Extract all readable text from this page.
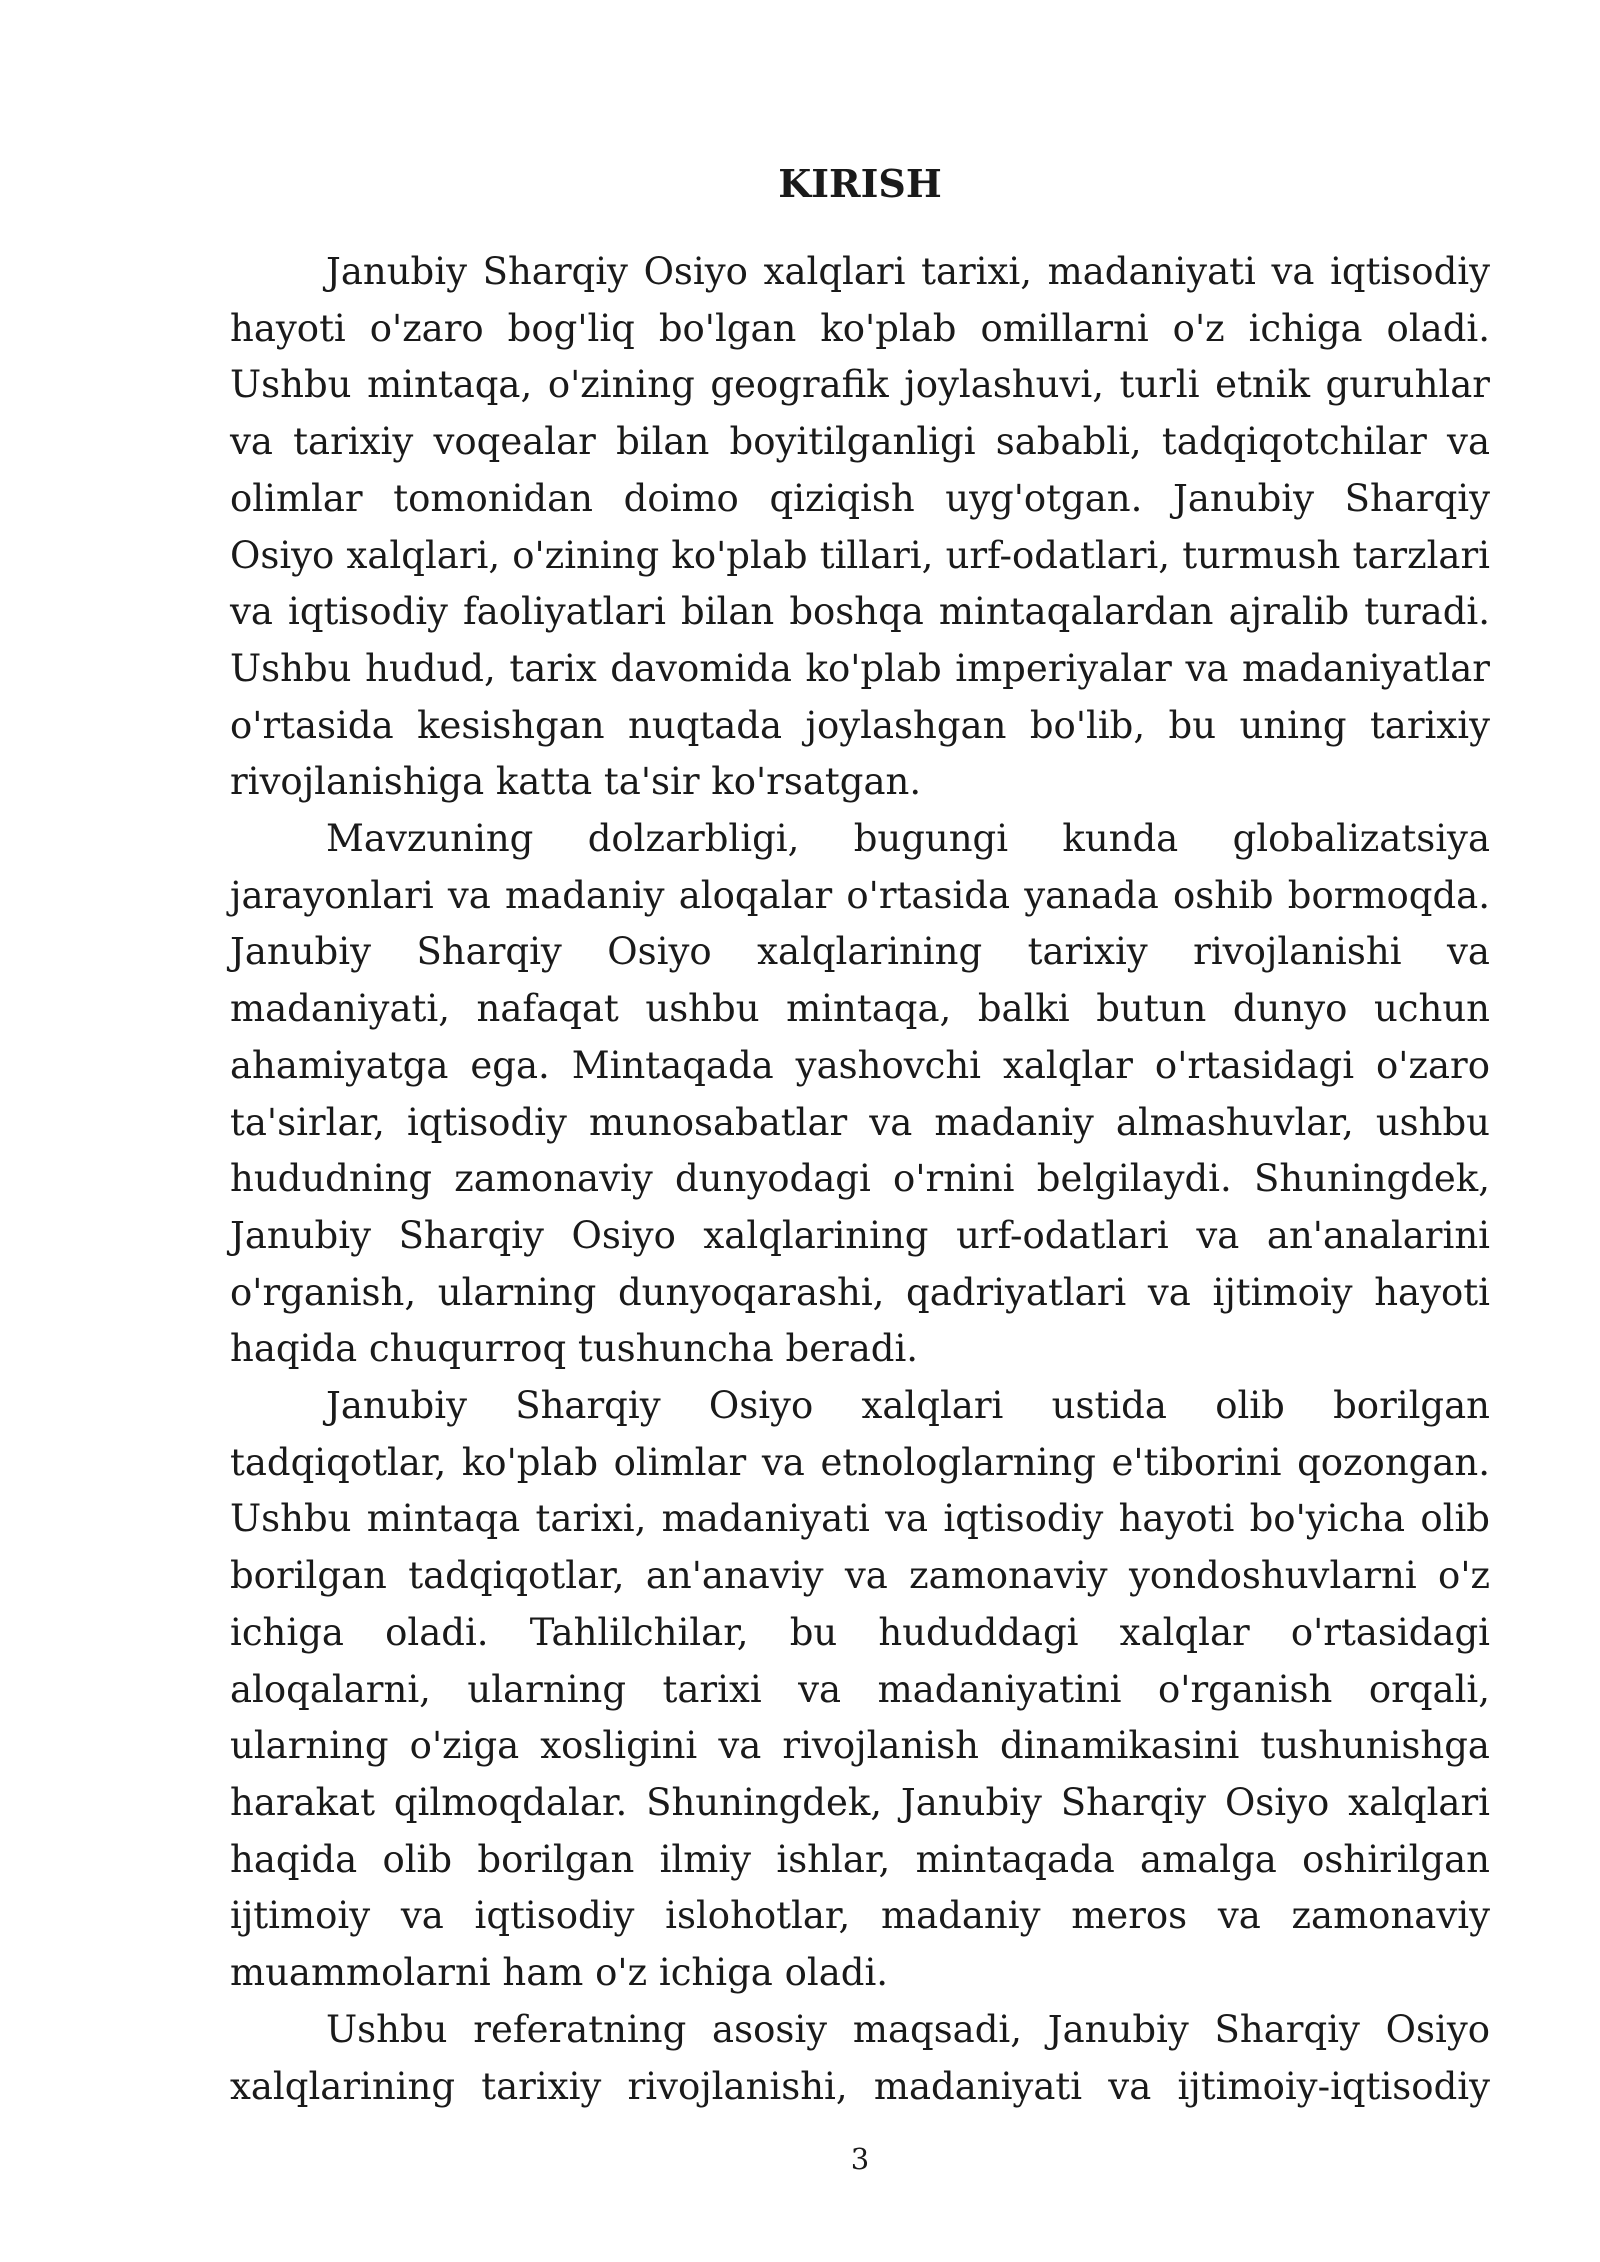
KIRISH

Janubiy Sharqiy Osiyo xalqlari tarixi, madaniyati va iqtisodiy hayoti o'zaro bog'liq bo'lgan ko'plab omillarni o'z ichiga oladi. Ushbu mintaqa, o'zining geografik joylashuvi, turli etnik guruhlar va tarixiy voqealar bilan boyitilganligi sababli, tadqiqotchilar va olimlar tomonidan doimo qiziqish uyg'otgan. Janubiy Sharqiy Osiyo xalqlari, o'zining ko'plab tillari, urf-odatlari, turmush tarzlari va iqtisodiy faoliyatlari bilan boshqa mintaqalardan ajralib turadi. Ushbu hudud, tarix davomida ko'plab imperiyalar va madaniyatlar o'rtasida kesishgan nuqtada joylashgan bo'lib, bu uning tarixiy rivojlanishiga katta ta'sir ko'rsatgan.

Mavzuning dolzarbligi, bugungi kunda globalizatsiya jarayonlari va madaniy aloqalar o'rtasida yanada oshib bormoqda. Janubiy Sharqiy Osiyo xalqlarining tarixiy rivojlanishi va madaniyati, nafaqat ushbu mintaqa, balki butun dunyo uchun ahamiyatga ega. Mintaqada yashovchi xalqlar o'rtasidagi o'zaro ta'sirlar, iqtisodiy munosabatlar va madaniy almashuvlar, ushbu hududning zamonaviy dunyodagi o'rnini belgilaydi. Shuningdek, Janubiy Sharqiy Osiyo xalqlarining urf-odatlari va an'analarini o'rganish, ularning dunyoqarashi, qadriyatlari va ijtimoiy hayoti haqida chuqurroq tushuncha beradi.

Janubiy Sharqiy Osiyo xalqlari ustida olib borilgan tadqiqotlar, ko'plab olimlar va etnologlarning e'tiborini qozongan. Ushbu mintaqa tarixi, madaniyati va iqtisodiy hayoti bo'yicha olib borilgan tadqiqotlar, an'anaviy va zamonaviy yondoshuvlarni o'z ichiga oladi. Tahlilchilar, bu hududdagi xalqlar o'rtasidagi aloqalarni, ularning tarixi va madaniyatini o'rganish orqali, ularning o'ziga xosligini va rivojlanish dinamikasini tushunishga harakat qilmoqdalar. Shuningdek, Janubiy Sharqiy Osiyo xalqlari haqida olib borilgan ilmiy ishlar, mintaqada amalga oshirilgan ijtimoiy va iqtisodiy islohotlar, madaniy meros va zamonaviy muammolarni ham o'z ichiga oladi.

Ushbu referatning asosiy maqsadi, Janubiy Sharqiy Osiyo xalqlarining tarixiy rivojlanishi, madaniyati va ijtimoiy-iqtisodiy

3
